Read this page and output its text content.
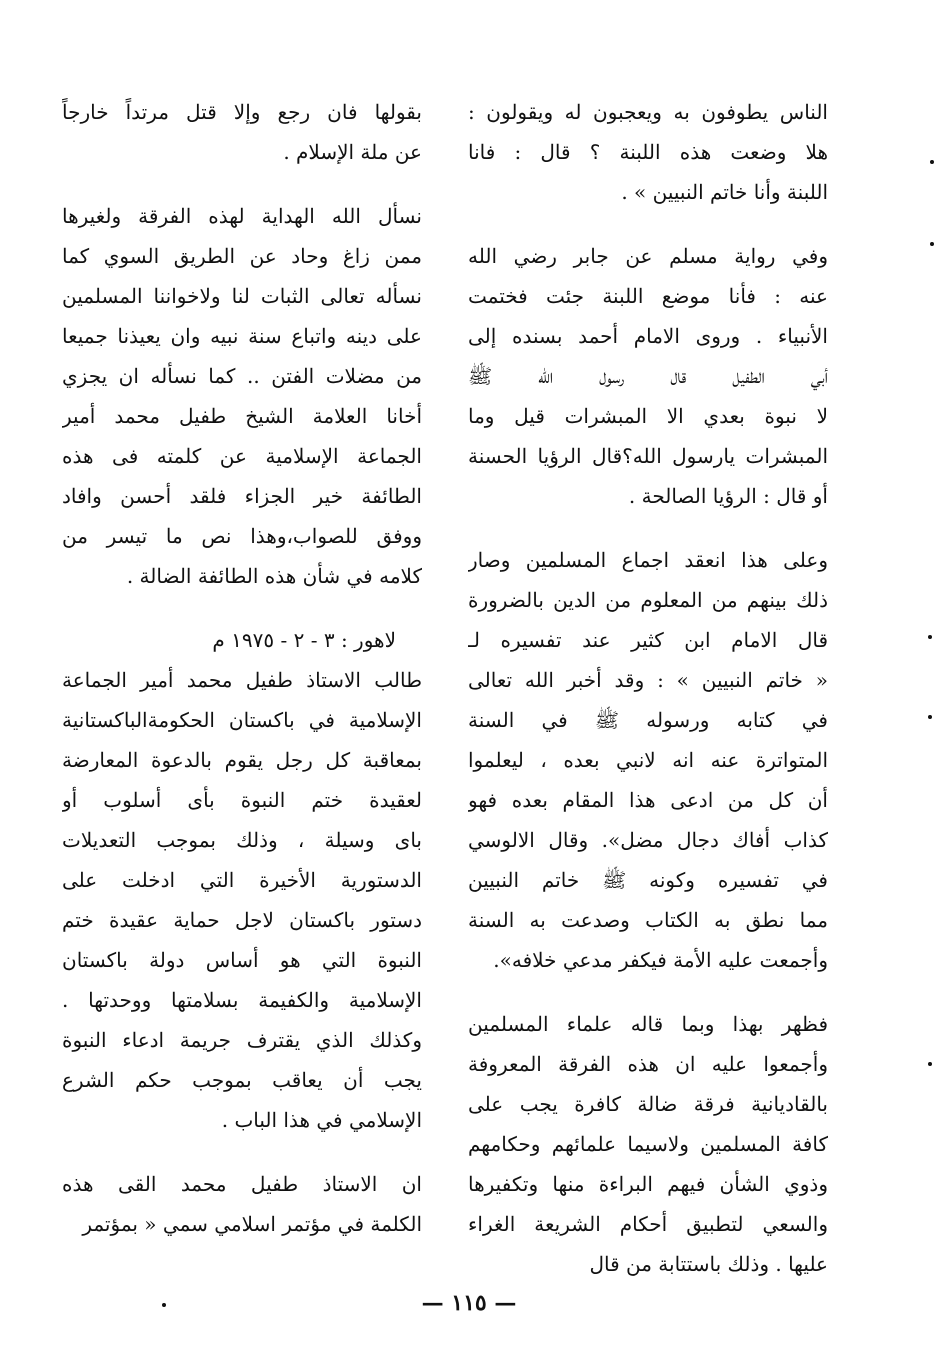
الناس يطوفون به ويعجبون له ويقولون :
هلا وضعت هذه اللبنة ؟ قال : فانا
اللبنة وأنا خاتم النبيين » .
وفي رواية مسلم عن جابر رضي الله
عنه : فأنا موضع اللبنة جئت فختمت
الأنبياء . وروى الامام أحمد بسنده إلى
أبي الطفيل قال رسول الله ﷺ
لا نبوة بعدي الا المبشرات قيل وما
المبشرات يارسول الله؟قال الرؤيا الحسنة
أو قال : الرؤيا الصالحة .
وعلى هذا انعقد اجماع المسلمين وصار
ذلك بينهم من المعلوم من الدين بالضرورة
قال الامام ابن كثير عند تفسيره لـ
« خاتم النبيين » : وقد أخبر الله تعالى
في كتابه ورسوله ﷺ في السنة
المتواترة عنه انه لانبي بعده ، ليعلموا
أن كل من ادعى هذا المقام بعده فهو
كذاب أفاك دجال مضل». وقال الالوسي
في تفسيره وكونه ﷺ خاتم النبيين
مما نطق به الكتاب وصدعت به السنة
وأجمعت عليه الأمة فيكفر مدعي خلافه».
فظهر بهذا وبما قاله علماء المسلمين
وأجمعوا عليه ان هذه الفرقة المعروفة
بالقاديانية فرقة ضالة كافرة يجب على
كافة المسلمين ولاسيما علمائهم وحكامهم
وذوي الشأن فيهم البراءة منها وتكفيرها
والسعي لتطبيق أحكام الشريعة الغراء
عليها . وذلك باستتابة من قال
بقولها فان رجع وإلا قتل مرتداً خارجاً
عن ملة الإسلام .
نسأل الله الهداية لهذه الفرقة ولغيرها
ممن زاغ وحاد عن الطريق السوي كما
نسأله تعالى الثبات لنا ولاخواننا المسلمين
على دينه واتباع سنة نبيه وان يعيذنا جميعا
من مضلات الفتن .. كما نسأله ان يجزي
أخانا العلامة الشيخ طفيل محمد أمير
الجماعة الإسلامية عن كلمته فى هذه
الطائفة خير الجزاء فلقد أحسن وافاد
ووفق للصواب،وهذا نص ما تيسر من
كلامه في شأن هذه الطائفة الضالة .
لاهور : ٣ - ٢ - ١٩٧٥ م
طالب الاستاذ طفيل محمد أمير الجماعة
الإسلامية في باكستان الحكومةالباكستانية
بمعاقبة كل رجل يقوم بالدعوة المعارضة
لعقيدة ختم النبوة بأى أسلوب أو
باى وسيلة ، وذلك بموجب التعديلات
الدستورية الأخيرة التي ادخلت على
دستور باكستان لاجل حماية عقيدة ختم
النبوة التي هو أساس دولة باكستان
الإسلامية والكفيمة بسلامتها ووحدتها .
وكذلك الذي يقترف جريمة ادعاء النبوة
يجب أن يعاقب بموجب حكم الشرع
الإسلامي في هذا الباب .
ان الاستاذ طفيل محمد القى هذه
الكلمة في مؤتمر اسلامي سمي « بمؤتمر
— ١١٥ —
